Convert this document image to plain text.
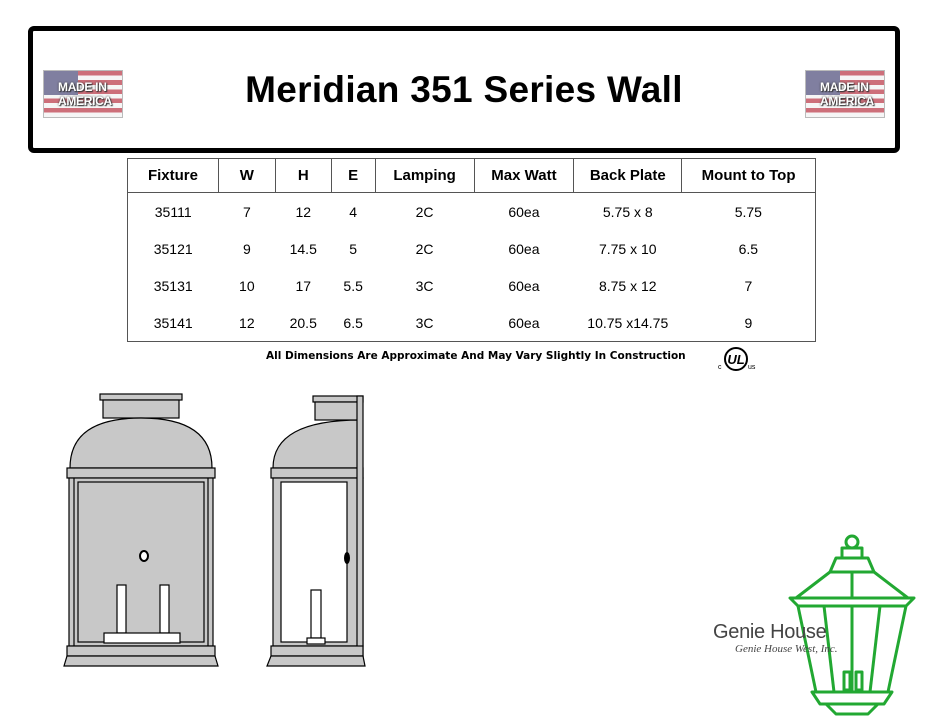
MADE IN AMERICA	Meridian 351 Series Wall	MADE IN AMERICA
Fixture	W	H	E	Lamping	Max Watt	Back Plate	Mount to Top
35111	7	12	4	2C	60ea	5.75 x 8	5.75
35121	9	14.5	5	2C	60ea	7.75 x 10	6.5
35131	10	17	5.5	3C	60ea	8.75 x 12	7
35141	12	20.5	6.5	3C	60ea	10.75 x14.75	9
All Dimensions Are Approximate And May Vary Slightly In Construction	UL
c	us
Genie House
Genie House West, Inc.
